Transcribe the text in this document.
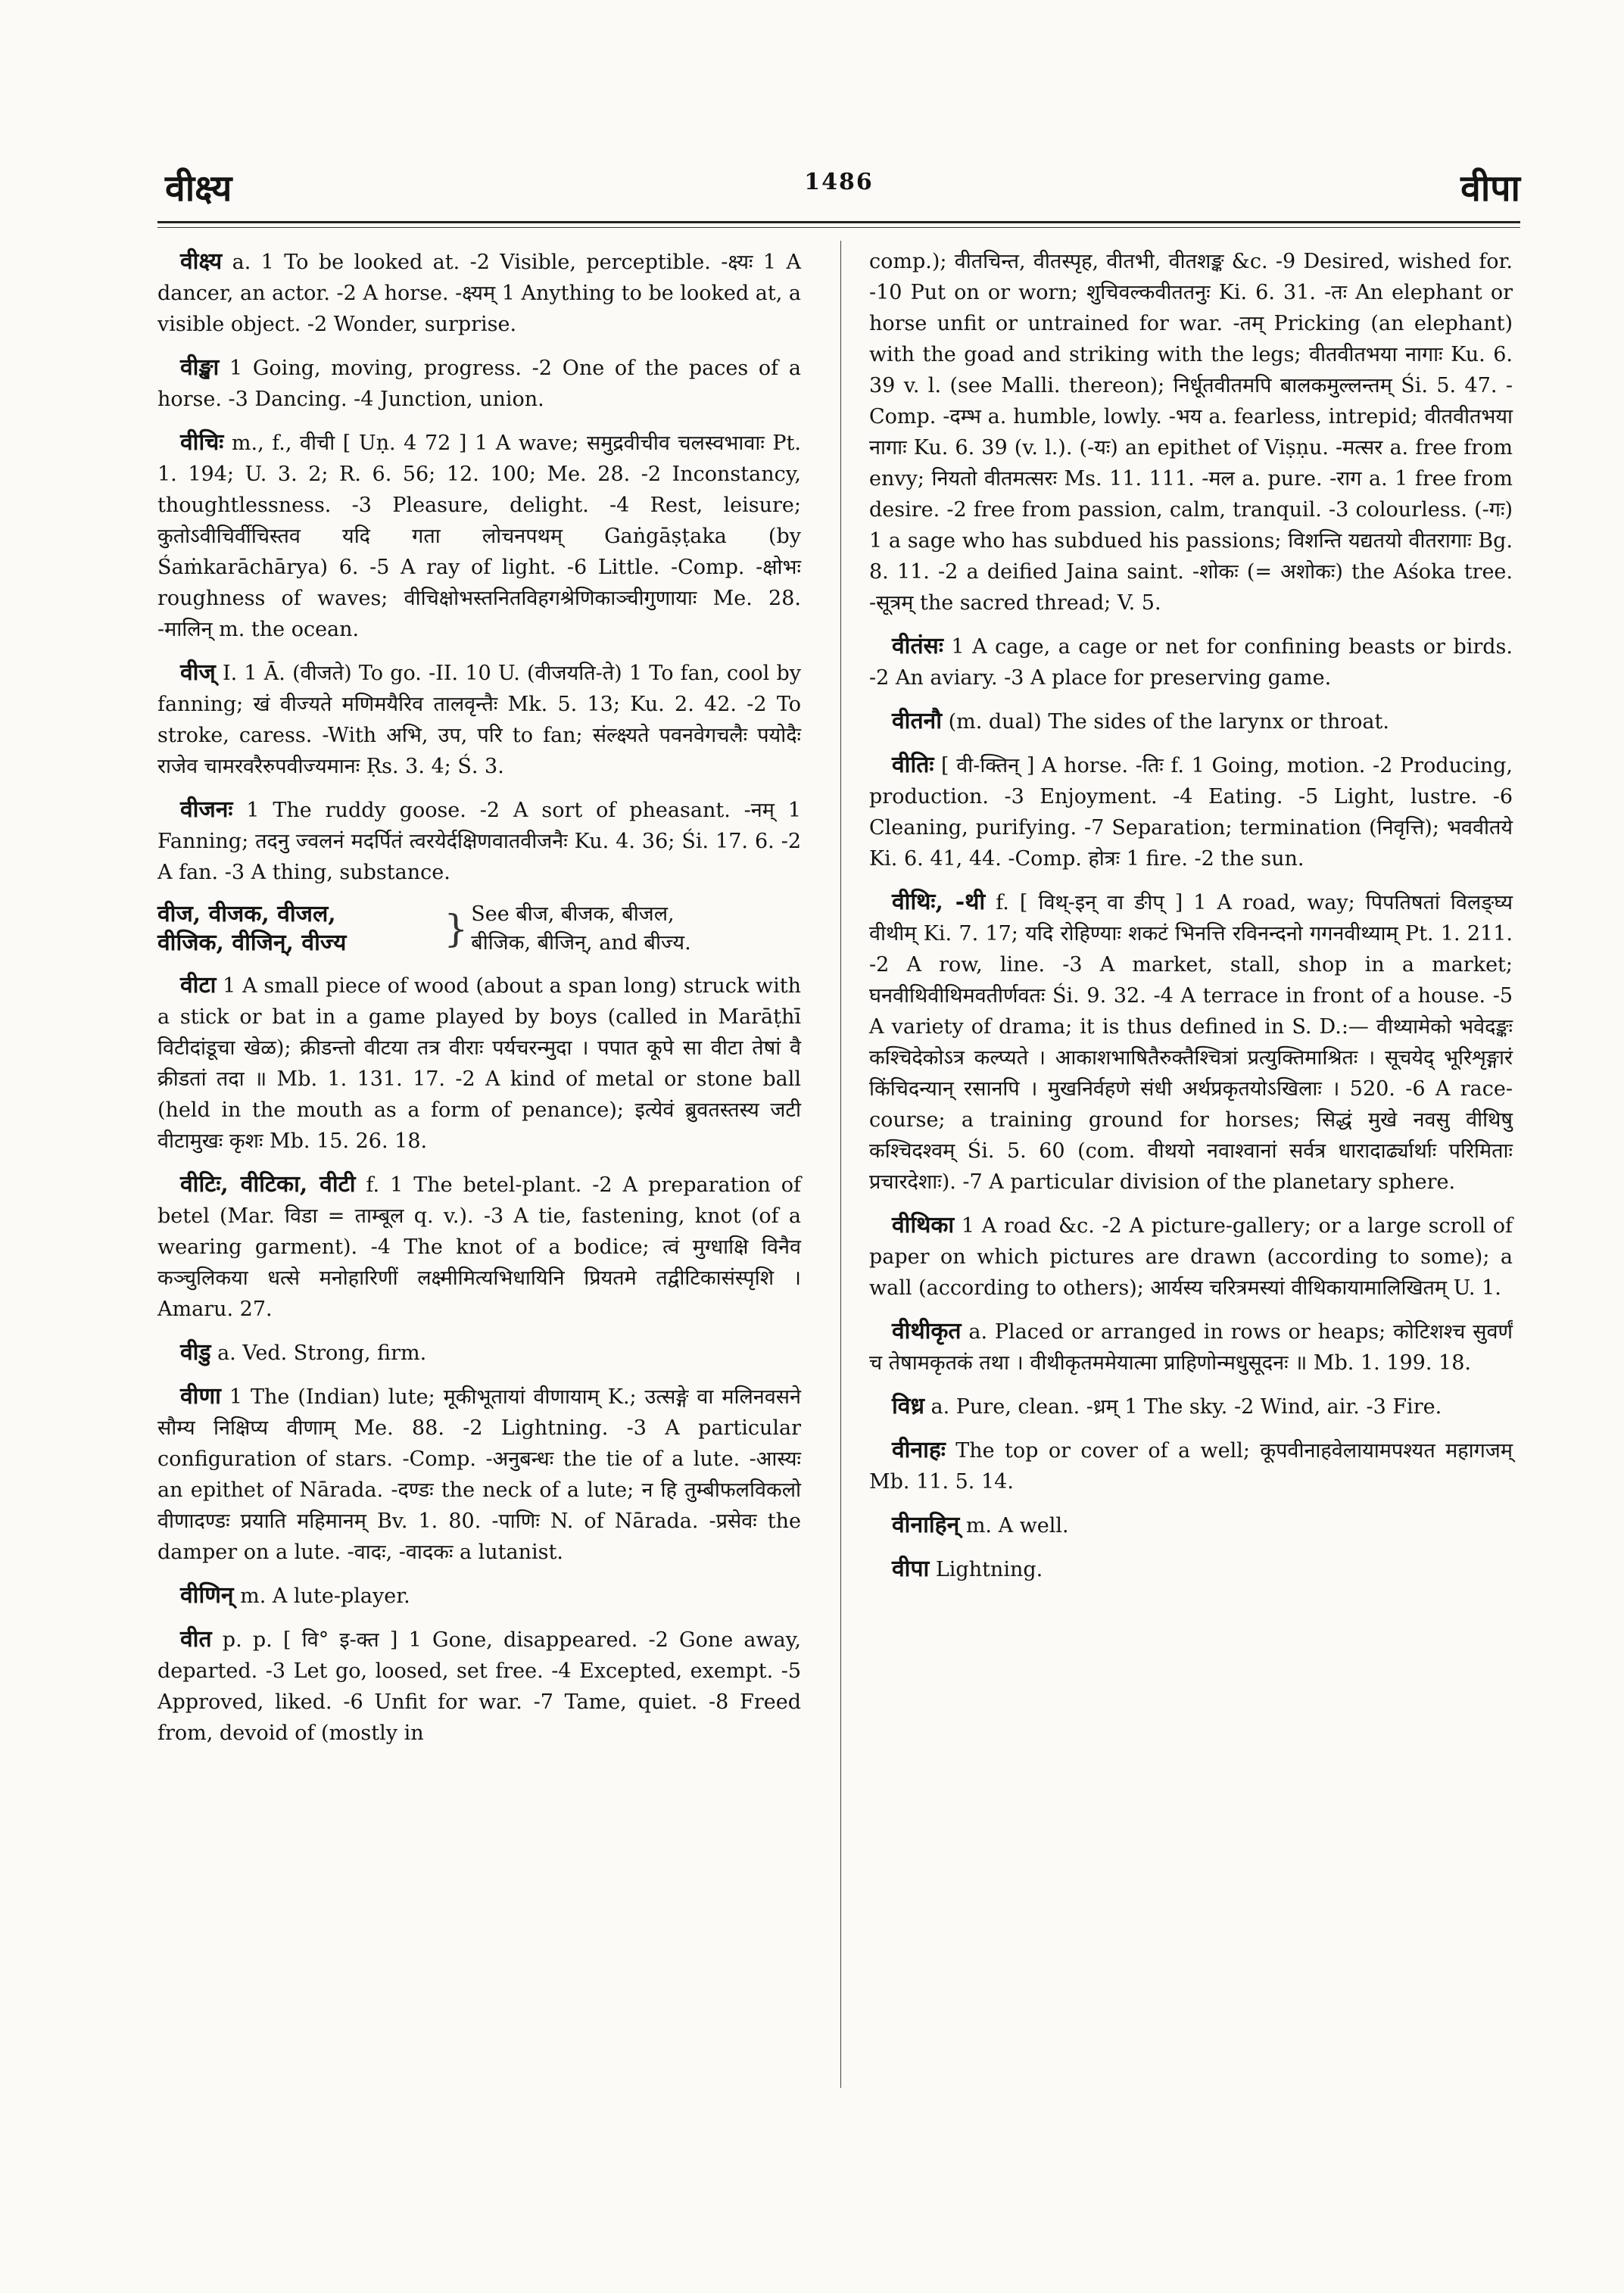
वीक्ष्य	1486	वीपा

वीक्ष्य a. 1 To be looked at. -2 Visible, perceptible. -क्ष्यः 1 A dancer, an actor. -2 A horse. -क्ष्यम् 1 Anything to be looked at, a visible object. -2 Wonder, surprise.

वीङ्खा 1 Going, moving, progress. -2 One of the paces of a horse. -3 Dancing. -4 Junction, union.

वीचिः m., f., वीची [ Uṇ. 4 72 ] 1 A wave; समुद्रवीचीव चलस्वभावाः Pt. 1. 194; U. 3. 2; R. 6. 56; 12. 100; Me. 28. -2 Inconstancy, thoughtlessness. -3 Pleasure, delight. -4 Rest, leisure; कुतोऽवीचिर्वीचिस्तव यदि गता लोचनपथम् Gaṅgāṣṭaka (by Śaṁkarāchārya) 6. -5 A ray of light. -6 Little. -Comp. -क्षोभः roughness of waves; वीचिक्षोभस्तनितविहगश्रेणिकाञ्चीगुणायाः Me. 28. -मालिन् m. the ocean.

वीज् I. 1 Ā. (वीजते) To go. -II. 10 U. (वीजयति-ते) 1 To fan, cool by fanning; खं वीज्यते मणिमयैरिव तालवृन्तैः Mk. 5. 13; Ku. 2. 42. -2 To stroke, caress. -With अभि, उप, परि to fan; संल्क्ष्यते पवनवेगचलैः पयोदैः राजेव चामरवरैरुपवीज्यमानः Ṛs. 3. 4; Ś. 3.

वीजनः 1 The ruddy goose. -2 A sort of pheasant. -नम् 1 Fanning; तदनु ज्वलनं मदर्पितं त्वरयेर्दक्षिणवातवीजनैः Ku. 4. 36; Śi. 17. 6. -2 A fan. -3 A thing, substance.

वीज, वीजक, वीजल,	}	See बीज, बीजक, बीजल,
वीजिक, वीजिन्, वीज्य		बीजिक, बीजिन्, and बीज्य.

वीटा 1 A small piece of wood (about a span long) struck with a stick or bat in a game played by boys (called in Marāṭhī विटीदांडूचा खेळ); क्रीडन्तो वीटया तत्र वीराः पर्यचरन्मुदा । पपात कूपे सा वीटा तेषां वै क्रीडतां तदा ॥ Mb. 1. 131. 17. -2 A kind of metal or stone ball (held in the mouth as a form of penance); इत्येवं ब्रुवतस्तस्य जटी वीटामुखः कृशः Mb. 15. 26. 18.

वीटिः, वीटिका, वीटी f. 1 The betel-plant. -2 A preparation of betel (Mar. विडा = ताम्बूल q. v.). -3 A tie, fastening, knot (of a wearing garment). -4 The knot of a bodice; त्वं मुग्धाक्षि विनैव कञ्चुलिकया धत्से मनोहारिणीं लक्ष्मीमित्यभिधायिनि प्रियतमे तद्वीटिकासंस्पृशि । Amaru. 27.

वीडु a. Ved. Strong, firm.

वीणा 1 The (Indian) lute; मूकीभूतायां वीणायाम् K.; उत्सङ्गे वा मलिनवसने सौम्य निक्षिप्य वीणाम् Me. 88. -2 Lightning. -3 A particular configuration of stars. -Comp. -अनुबन्धः the tie of a lute. -आस्यः an epithet of Nārada. -दण्डः the neck of a lute; न हि तुम्बीफलविकलो वीणादण्डः प्रयाति महिमानम् Bv. 1. 80. -पाणिः N. of Nārada. -प्रसेवः the damper on a lute. -वादः, -वादकः a lutanist.

वीणिन् m. A lute-player.

वीत p. p. [ वि° इ-क्त ] 1 Gone, disappeared. -2 Gone away, departed. -3 Let go, loosed, set free. -4 Excepted, exempt. -5 Approved, liked. -6 Unfit for war. -7 Tame, quiet. -8 Freed from, devoid of (mostly in

comp.); वीतचिन्त, वीतस्पृह, वीतभी, वीतशङ्क &c. -9 Desired, wished for. -10 Put on or worn; शुचिवल्कवीततनुः Ki. 6. 31. -तः An elephant or horse unfit or untrained for war. -तम् Pricking (an elephant) with the goad and striking with the legs; वीतवीतभया नागाः Ku. 6. 39 v. l. (see Malli. thereon); निर्धूतवीतमपि बालकमुल्लन्तम् Śi. 5. 47. -Comp. -दम्भ a. humble, lowly. -भय a. fearless, intrepid; वीतवीतभया नागाः Ku. 6. 39 (v. l.). (-यः) an epithet of Viṣṇu. -मत्सर a. free from envy; नियतो वीतमत्सरः Ms. 11. 111. -मल a. pure. -राग a. 1 free from desire. -2 free from passion, calm, tranquil. -3 colourless. (-गः) 1 a sage who has subdued his passions; विशन्ति यद्यतयो वीतरागाः Bg. 8. 11. -2 a deified Jaina saint. -शोकः (= अशोकः) the Aśoka tree. -सूत्रम् the sacred thread; V. 5.

वीतंसः 1 A cage, a cage or net for confining beasts or birds. -2 An aviary. -3 A place for preserving game.

वीतनौ (m. dual) The sides of the larynx or throat.

वीतिः [ वी-क्तिन् ] A horse. -तिः f. 1 Going, motion. -2 Producing, production. -3 Enjoyment. -4 Eating. -5 Light, lustre. -6 Cleaning, purifying. -7 Separation; termination (निवृत्ति); भववीतये Ki. 6. 41, 44. -Comp. होत्रः 1 fire. -2 the sun.

वीथिः, -थी f. [ विथ्-इन् वा ङीप् ] 1 A road, way; पिपतिषतां विलङ्घ्य वीथीम् Ki. 7. 17; यदि रोहिण्याः शकटं भिनत्ति रविनन्दनो गगनवीथ्याम् Pt. 1. 211. -2 A row, line. -3 A market, stall, shop in a market; घनवीथिवीथिमवतीर्णवतः Śi. 9. 32. -4 A terrace in front of a house. -5 A variety of drama; it is thus defined in S. D.:— वीथ्यामेको भवेदङ्कः कश्चिदेकोऽत्र कल्प्यते । आकाशभाषितैरुक्तैश्चित्रां प्रत्युक्तिमाश्रितः । सूचयेद् भूरिशृङ्गारं किंचिदन्यान् रसानपि । मुखनिर्वहणे संधी अर्थप्रकृतयोऽखिलाः । 520. -6 A race-course; a training ground for horses; सिद्धं मुखे नवसु वीथिषु कश्चिदश्वम् Śi. 5. 60 (com. वीथयो नवाश्वानां सर्वत्र धारादार्ढ्यार्थाः परिमिताः प्रचारदेशाः). -7 A particular division of the planetary sphere.

वीथिका 1 A road &c. -2 A picture-gallery; or a large scroll of paper on which pictures are drawn (according to some); a wall (according to others); आर्यस्य चरित्रमस्यां वीथिकायामालिखितम् U. 1.

वीथीकृत a. Placed or arranged in rows or heaps; कोटिशश्च सुवर्णं च तेषामकृतकं तथा । वीथीकृतममेयात्मा प्राहिणोन्मधुसूदनः ॥ Mb. 1. 199. 18.

विध्र a. Pure, clean. -ध्रम् 1 The sky. -2 Wind, air. -3 Fire.

वीनाहः The top or cover of a well; कूपवीनाहवेलायामपश्यत महागजम् Mb. 11. 5. 14.

वीनाहिन् m. A well.

वीपा Lightning.
